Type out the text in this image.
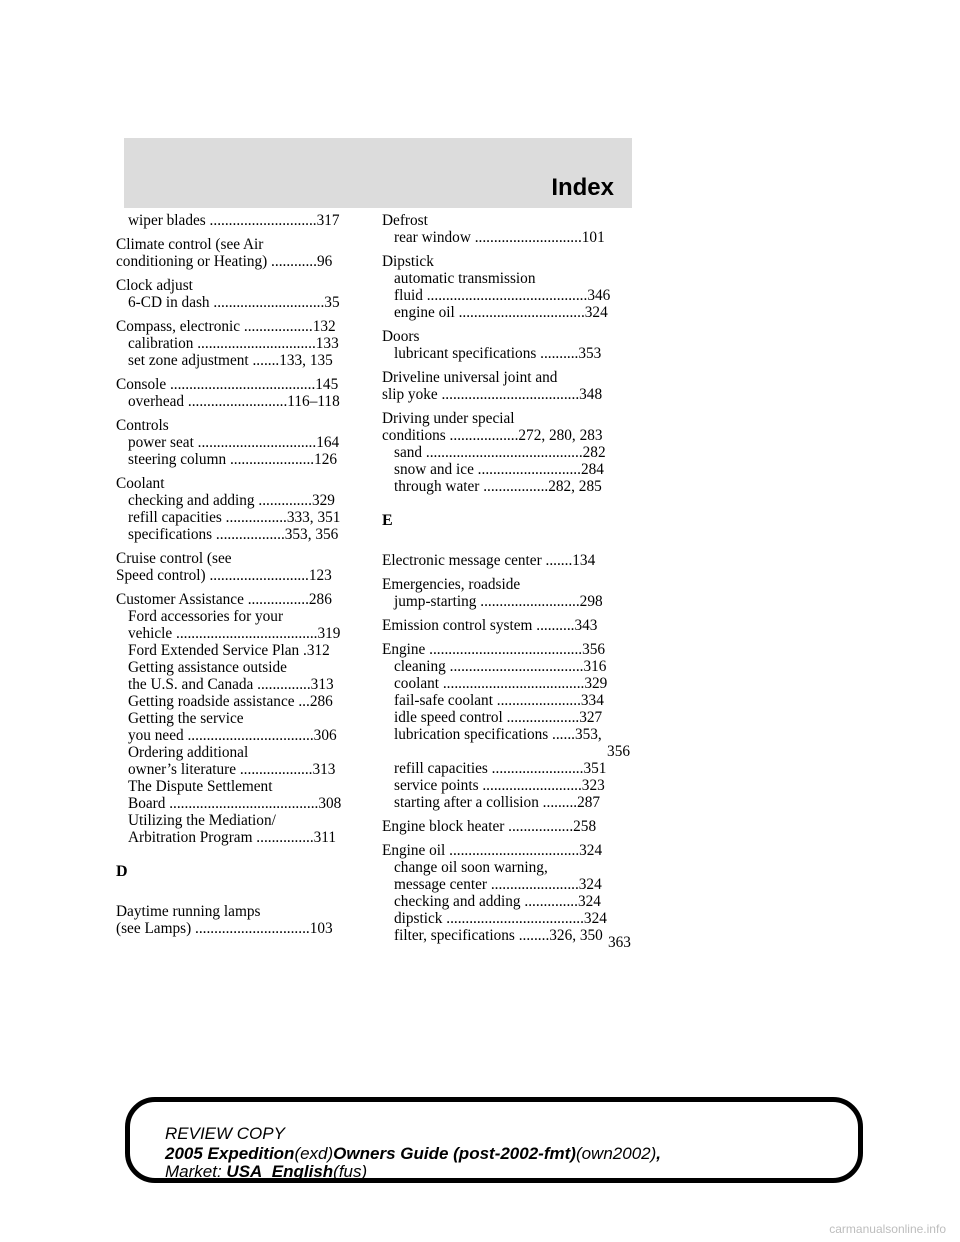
Index
wiper blades ............................317
Climate control (see Air
conditioning or Heating) ............96
Clock adjust
6-CD in dash .............................35
Compass, electronic ..................132
calibration ...............................133
set zone adjustment .......133, 135
Console ......................................145
overhead ..........................116–118
Controls
power seat ...............................164
steering column ......................126
Coolant
checking and adding ..............329
refill capacities ................333, 351
specifications ..................353, 356
Cruise control (see
Speed control) ..........................123
Customer Assistance ................286
Ford accessories for your
vehicle .....................................319
Ford Extended Service Plan .312
Getting assistance outside
the U.S. and Canada ..............313
Getting roadside assistance ...286
Getting the service
you need .................................306
Ordering additional
owner’s literature ...................313
The Dispute Settlement
Board .......................................308
Utilizing the Mediation/
Arbitration Program ...............311
D
Daytime running lamps
(see Lamps) ..............................103
Defrost
rear window ............................101
Dipstick
automatic transmission
fluid ..........................................346
engine oil .................................324
Doors
lubricant specifications ..........353
Driveline universal joint and
slip yoke ....................................348
Driving under special
conditions ..................272, 280, 283
sand .........................................282
snow and ice ...........................284
through water .................282, 285
E
Electronic message center .......134
Emergencies, roadside
jump-starting ..........................298
Emission control system ..........343
Engine ........................................356
cleaning ...................................316
coolant .....................................329
fail-safe coolant ......................334
idle speed control ...................327
lubrication specifications ......353,
356
refill capacities ........................351
service points ..........................323
starting after a collision .........287
Engine block heater .................258
Engine oil ..................................324
change oil soon warning,
message center .......................324
checking and adding ..............324
dipstick ....................................324
filter, specifications ........326, 350 363
REVIEW COPY
2005 Expedition(exd)Owners Guide (post-2002-fmt)(own2002),
Market: USA_English(fus)
carmanualsonline.info
